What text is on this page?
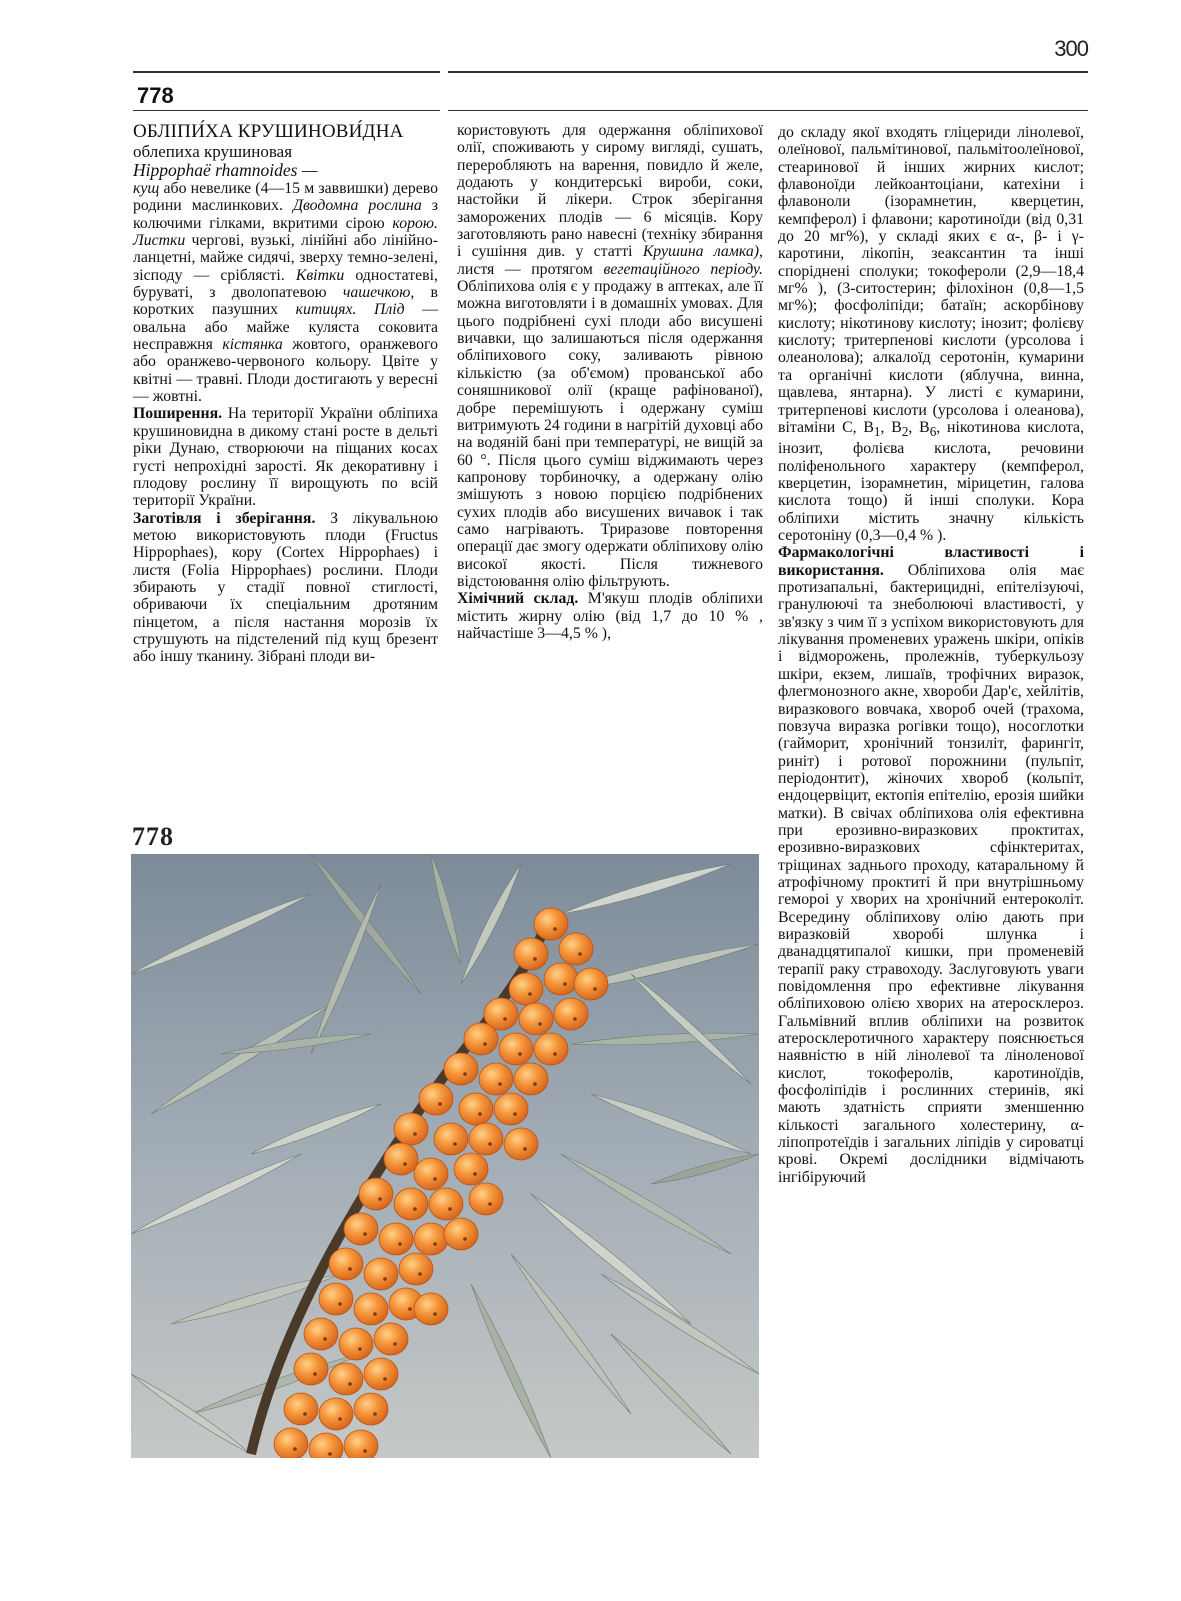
300
778

ОБЛІПИ́ХА КРУШИНОВИ́ДНА

облепиха крушиновая

Hippophaë rhamnoides —

кущ або невелике (4—15 м заввишки) дерево родини маслинкових. Дводомна рослина з колючими гілками, вкритими сірою корою. Листки чергові, вузькі, лінійні або лінійно-ланцетні, майже сидячі, зверху темно-зелені, зісподу — сріблясті. Квітки одностатеві, буруваті, з дволопатевою чашечкою, в коротких пазушних китицях. Плід — овальна або майже куляста соковита несправжня кістянка жовтого, оранжевого або оранжево-червоного кольору. Цвіте у квітні — травні. Плоди достигають у вересні — жовтні.

Поширення. На території України обліпиха крушиновидна в дикому стані росте в дельті ріки Дунаю, створюючи на піщаних косах густі непрохідні зарості. Як декоративну і плодову рослину її вирощують по всій території України.

Заготівля і зберігання. З лікувальною метою використовують плоди (Fructus Hippophaes), кору (Cortex Hippophaes) і листя (Folia Hippophaes) рослини. Плоди збирають у стадії повної стиглості, обриваючи їх спеціальним дротяним пінцетом, а після настання морозів їх струшують на підстелений під кущ брезент або іншу тканину. Зібрані плоди ви-

користовують для одержання обліпихової олії, споживають у сирому вигляді, сушать, переробляють на варення, повидло й желе, додають у кондитерські вироби, соки, настойки й лікери. Строк зберігання заморожених плодів — 6 місяців. Кору заготовляють рано навесні (техніку збирання і сушіння див. у статті Крушина ламка), листя — протягом вегетаційного періоду. Обліпихова олія є у продажу в аптеках, але її можна виготовляти і в домашніх умовах. Для цього подрібнені сухі плоди або висушені вичавки, що залишаються після одержання обліпихового соку, заливають рівною кількістю (за об'ємом) прованської або соняшникової олії (краще рафінованої), добре перемішують і одержану суміш витримують 24 години в нагрітій духовці або на водяній бані при температурі, не вищій за 60 °. Після цього суміш віджимають через капронову торбиночку, а одержану олію змішують з новою порцією подрібнених сухих плодів або висушених вичавок і так само нагрівають. Триразове повторення операції дає змогу одержати обліпихову олію високої якості. Після тижневого відстоювання олію фільтрують.

Хімічний склад. М'якуш плодів обліпихи містить жирну олію (від 1,7 до 10 % , найчастіше 3—4,5 % ),

до складу якої входять гліцериди лінолевої, олеїнової, пальмітинової, пальмітоолеїнової, стеаринової й інших жирних кислот; флавоноїди лейкоантоціани, катехіни і флавоноли (ізорамнетин, кверцетин, кемпферол) і флавони; каротиноїди (від 0,31 до 20 мг%), у складі яких є α-, β- і γ-каротини, лікопін, зеаксантин та інші споріднені сполуки; токофероли (2,9—18,4 мг% ), (3-ситостерин; філохінон (0,8—1,5 мг%); фосфоліпіди; батаїн; аскорбінову кислоту; нікотинову кислоту; інозит; фолієву кислоту; тритерпенові кислоти (урсолова і олеанолова); алкалоїд серотонін, кумарини та органічні кислоти (яблучна, винна, щавлева, янтарна). У листі є кумарини, тритерпенові кислоти (урсолова і олеанова), вітаміни С, $В_1$, $В_2$, $В_6$, нікотинова кислота, інозит, фолієва кислота, речовини поліфенольного характеру (кемпферол, кверцетин, ізорамнетин, мірицетин, галова кислота тощо) й інші сполуки. Кора обліпихи містить значну кількість серотоніну (0,3—0,4 % ).

Фармакологічні властивості і використання. Обліпихова олія має протизапальні, бактерицидні, епітелізуючі, гранулюючі та знеболюючі властивості, у зв'язку з чим її з успіхом використовують для лікування променевих уражень шкіри, опіків і відморожень, пролежнів, туберкульозу шкіри, екзем, лишаїв, трофічних виразок, флегмонозного акне, хвороби Дар'є, хейлітів, виразкового вовчака, хвороб очей (трахома, повзуча виразка рогівки тощо), носоглотки (гайморит, хронічний тонзиліт, фарингіт, риніт) і ротової порожнини (пульпіт, періодонтит), жіночих хвороб (кольпіт, ендоцервіцит, ектопія епітелію, ерозія шийки матки). В свічах обліпихова олія ефективна при ерозивно-виразкових проктитах, ерозивно-виразкових сфінктеритах, тріщинах заднього проходу, катаральному й атрофічному проктиті й при внутрішньому гемороі у хворих на хронічний ентероколіт. Всередину обліпихову олію дають при виразковій хворобі шлунка і дванадцятипалої кишки, при променевій терапії раку стравоходу. Заслуговують уваги повідомлення про ефективне лікування обліпиховою олією хворих на атеросклероз. Гальмівний вплив обліпихи на розвиток атеросклеротичного характеру пояснюється наявністю в ній лінолевої та ліноленової кислот, токоферолів, каротиноїдів, фосфоліпідів і рослинних стеринів, які мають здатність сприяти зменшенню кількості загального холестерину, α-ліпопротеїдів і загальних ліпідів у сироватці крові. Окремі дослідники відмічають інгібіруючий

778
